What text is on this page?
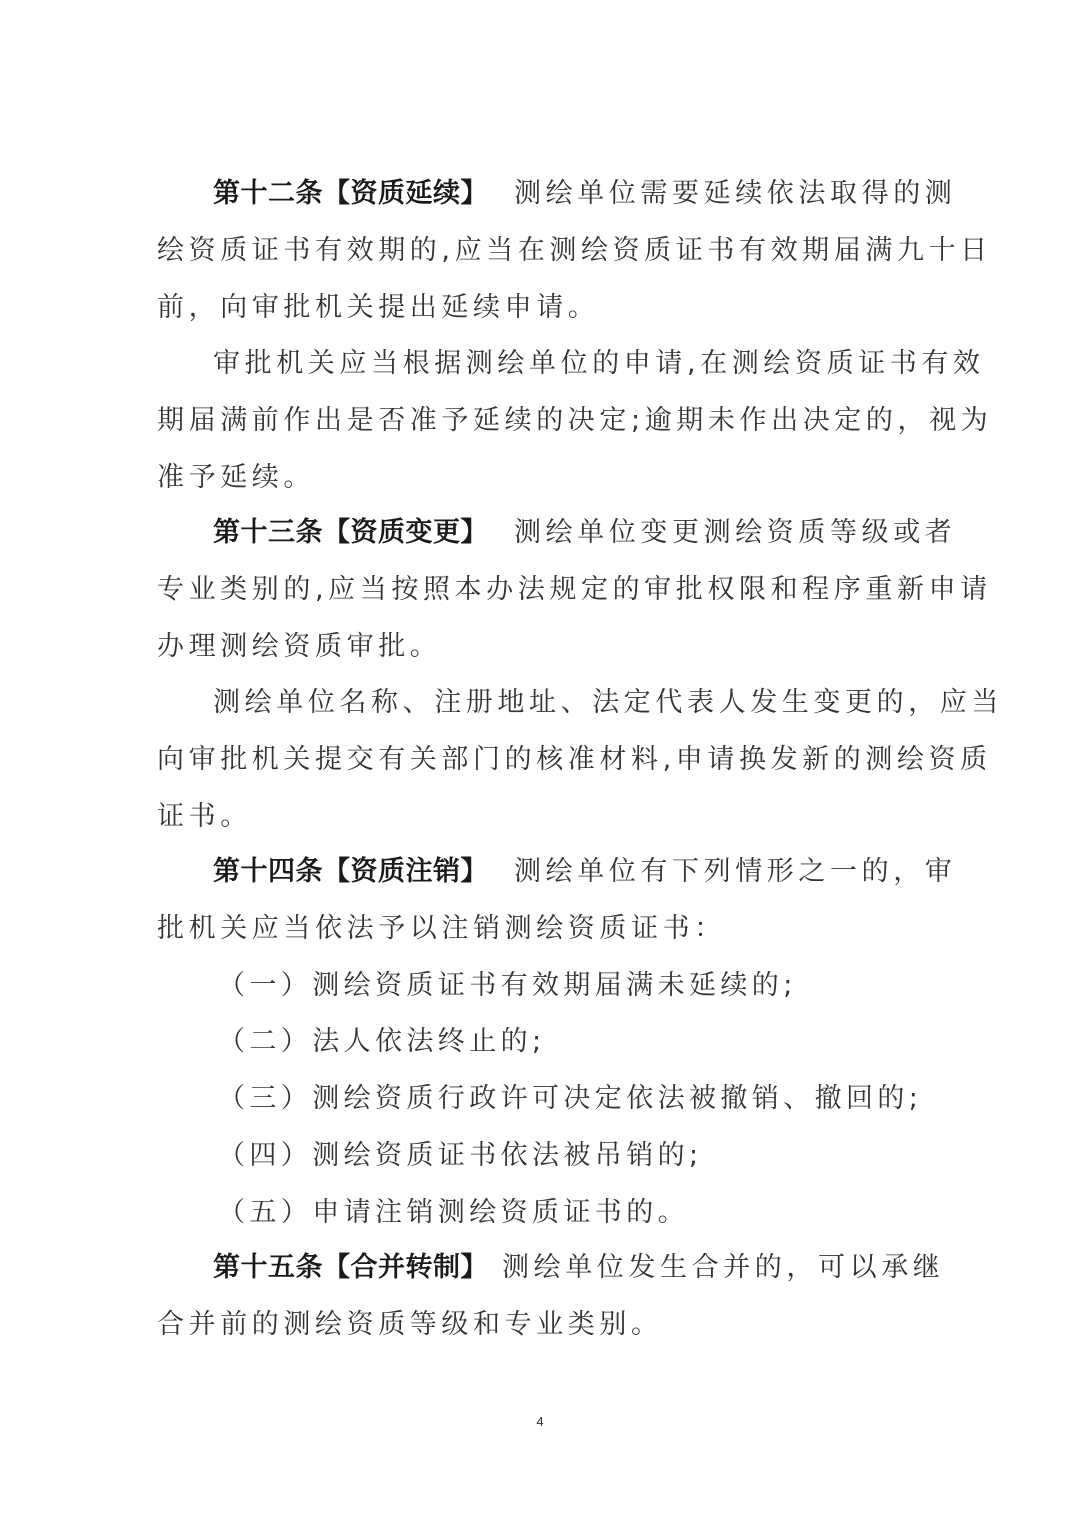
第十二条【资质延续】 测绘单位需要延续依法取得的测
绘资质证书有效期的,应当在测绘资质证书有效期届满九十日
前，向审批机关提出延续申请。
审批机关应当根据测绘单位的申请,在测绘资质证书有效
期届满前作出是否准予延续的决定;逾期未作出决定的，视为
准予延续。
第十三条【资质变更】 测绘单位变更测绘资质等级或者
专业类别的,应当按照本办法规定的审批权限和程序重新申请
办理测绘资质审批。
测绘单位名称、注册地址、法定代表人发生变更的，应当
向审批机关提交有关部门的核准材料,申请换发新的测绘资质
证书。
第十四条【资质注销】 测绘单位有下列情形之一的，审
批机关应当依法予以注销测绘资质证书：
（一）测绘资质证书有效期届满未延续的;
（二）法人依法终止的;
（三）测绘资质行政许可决定依法被撤销、撤回的;
（四）测绘资质证书依法被吊销的;
（五）申请注销测绘资质证书的。
第十五条【合并转制】 测绘单位发生合并的，可以承继
合并前的测绘资质等级和专业类别。
4
